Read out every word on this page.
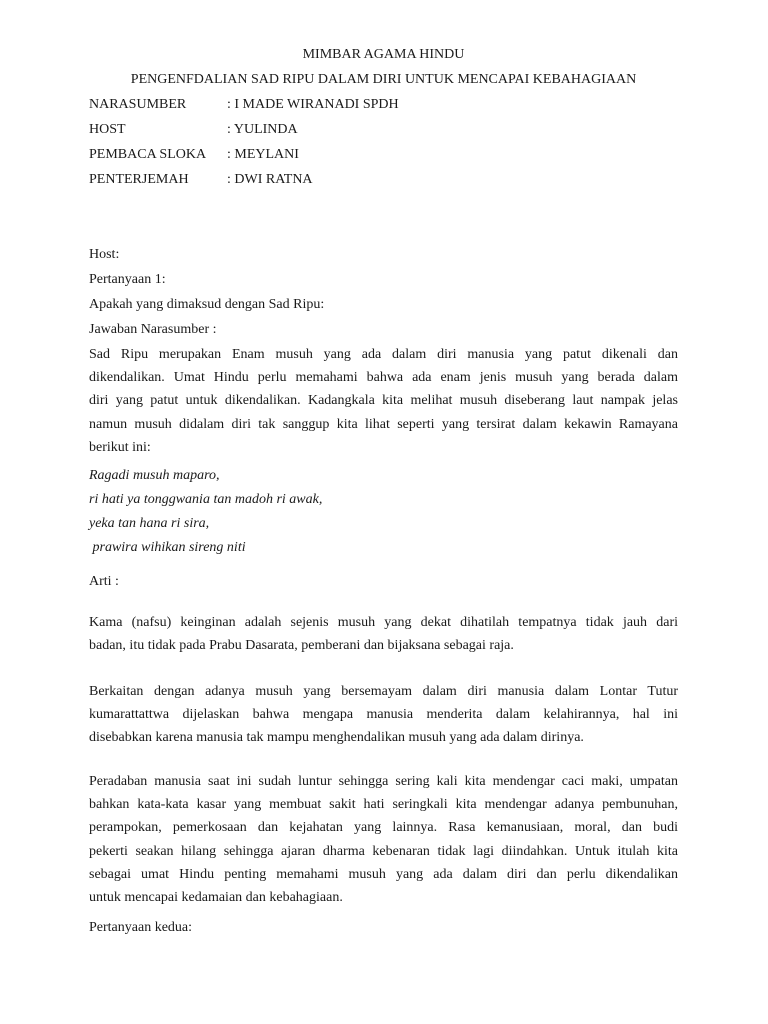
MIMBAR AGAMA HINDU
PENGENFDALIAN SAD RIPU DALAM DIRI UNTUK MENCAPAI KEBAHAGIAAN
NARASUMBER	: I MADE WIRANADI SPDH
HOST	: YULINDA
PEMBACA SLOKA : MEYLANI
PENTERJEMAH	: DWI RATNA
Host:
Pertanyaan 1:
Apakah yang dimaksud dengan Sad Ripu:
Jawaban Narasumber :
Sad Ripu merupakan Enam musuh yang ada dalam diri manusia yang patut dikenali dan
dikendalikan. Umat Hindu perlu memahami bahwa ada enam jenis musuh yang berada dalam
diri yang patut untuk dikendalikan. Kadangkala kita melihat musuh diseberang laut nampak jelas
namun musuh didalam diri tak sanggup kita lihat seperti yang tersirat dalam kekawin Ramayana
berikut ini:
Ragadi musuh maparo,
ri hati ya tonggwania tan madoh ri awak,
yeka tan hana ri sira,
prawira wihikan sireng niti
Arti :
Kama (nafsu) keinginan adalah sejenis musuh yang dekat dihatilah tempatnya tidak jauh dari
badan, itu tidak pada Prabu Dasarata, pemberani dan bijaksana sebagai raja.
Berkaitan dengan adanya musuh yang bersemayam dalam diri manusia dalam Lontar Tutur
kumarattattwa dijelaskan bahwa mengapa manusia menderita dalam kelahirannya, hal ini
disebabkan karena manusia tak mampu menghendalikan musuh yang ada dalam dirinya.
Peradaban manusia saat ini sudah luntur sehingga sering kali kita mendengar caci maki, umpatan
bahkan kata-kata kasar yang membuat sakit hati seringkali kita mendengar adanya pembunuhan,
perampokan, pemerkosaan dan kejahatan yang lainnya. Rasa kemanusiaan, moral, dan budi
pekerti seakan hilang sehingga ajaran dharma kebenaran tidak lagi diindahkan. Untuk itulah kita
sebagai umat Hindu penting memahami musuh yang ada dalam diri dan perlu dikendalikan
untuk mencapai kedamaian dan kebahagiaan.
Pertanyaan kedua:
